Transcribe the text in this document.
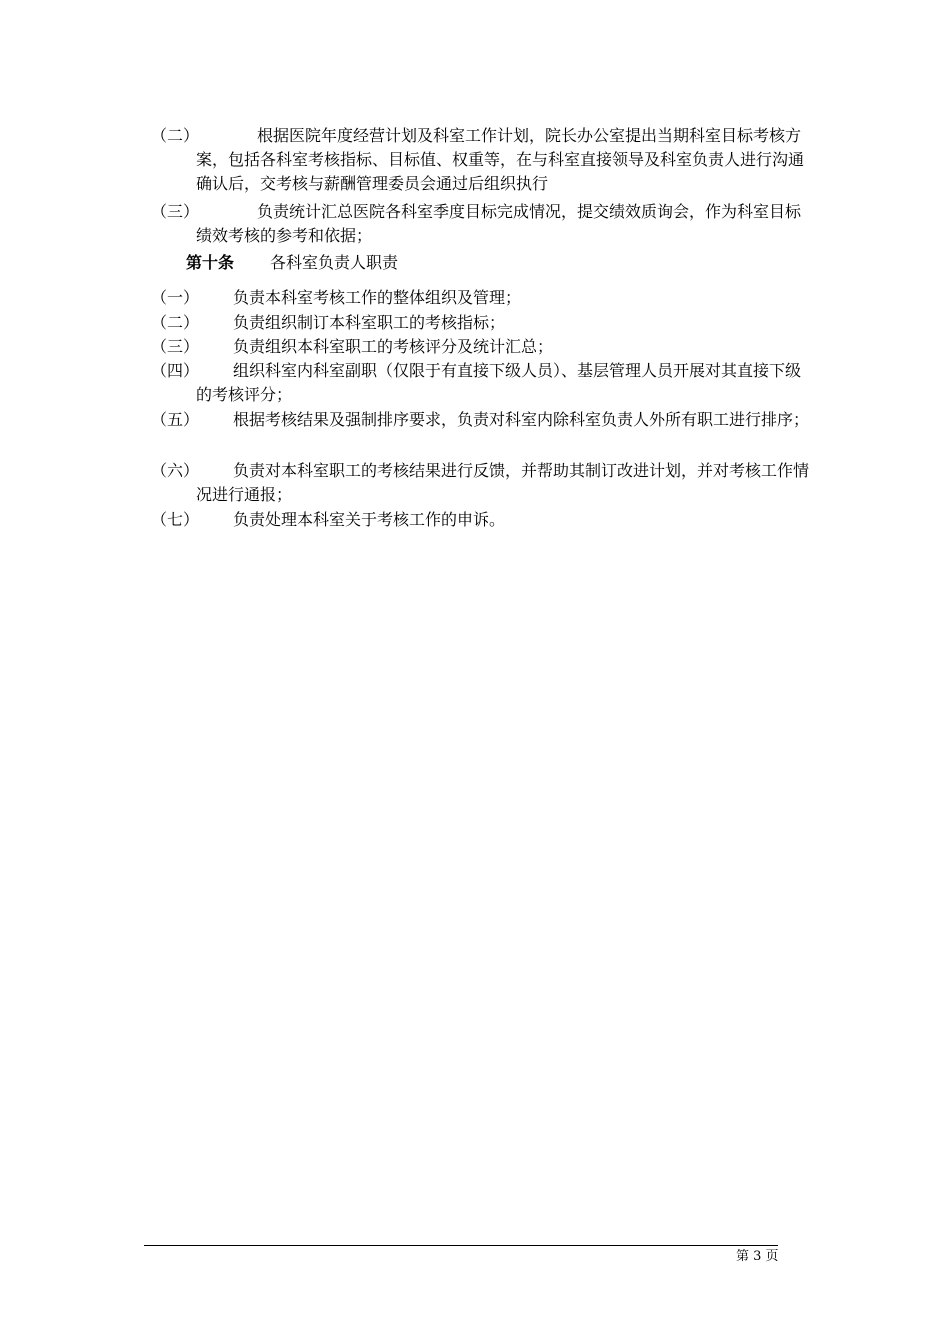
（二）	根据医院年度经营计划及科室工作计划，院长办公室提出当期科室目标考核方案，包括各科室考核指标、目标值、权重等，在与科室直接领导及科室负责人进行沟通确认后，交考核与薪酬管理委员会通过后组织执行
（三）	负责统计汇总医院各科室季度目标完成情况，提交绩效质询会，作为科室目标绩效考核的参考和依据；
第十条 各科室负责人职责
（一）	负责本科室考核工作的整体组织及管理；
（二）	负责组织制订本科室职工的考核指标；
（三）	负责组织本科室职工的考核评分及统计汇总；
（四）	组织科室内科室副职（仅限于有直接下级人员）、基层管理人员开展对其直接下级的考核评分；
（五）	根据考核结果及强制排序要求，负责对科室内除科室负责人外所有职工进行排序；
（六）	负责对本科室职工的考核结果进行反馈，并帮助其制订改进计划，并对考核工作情况进行通报；
（七）	负责处理本科室关于考核工作的申诉。
第 3 页
